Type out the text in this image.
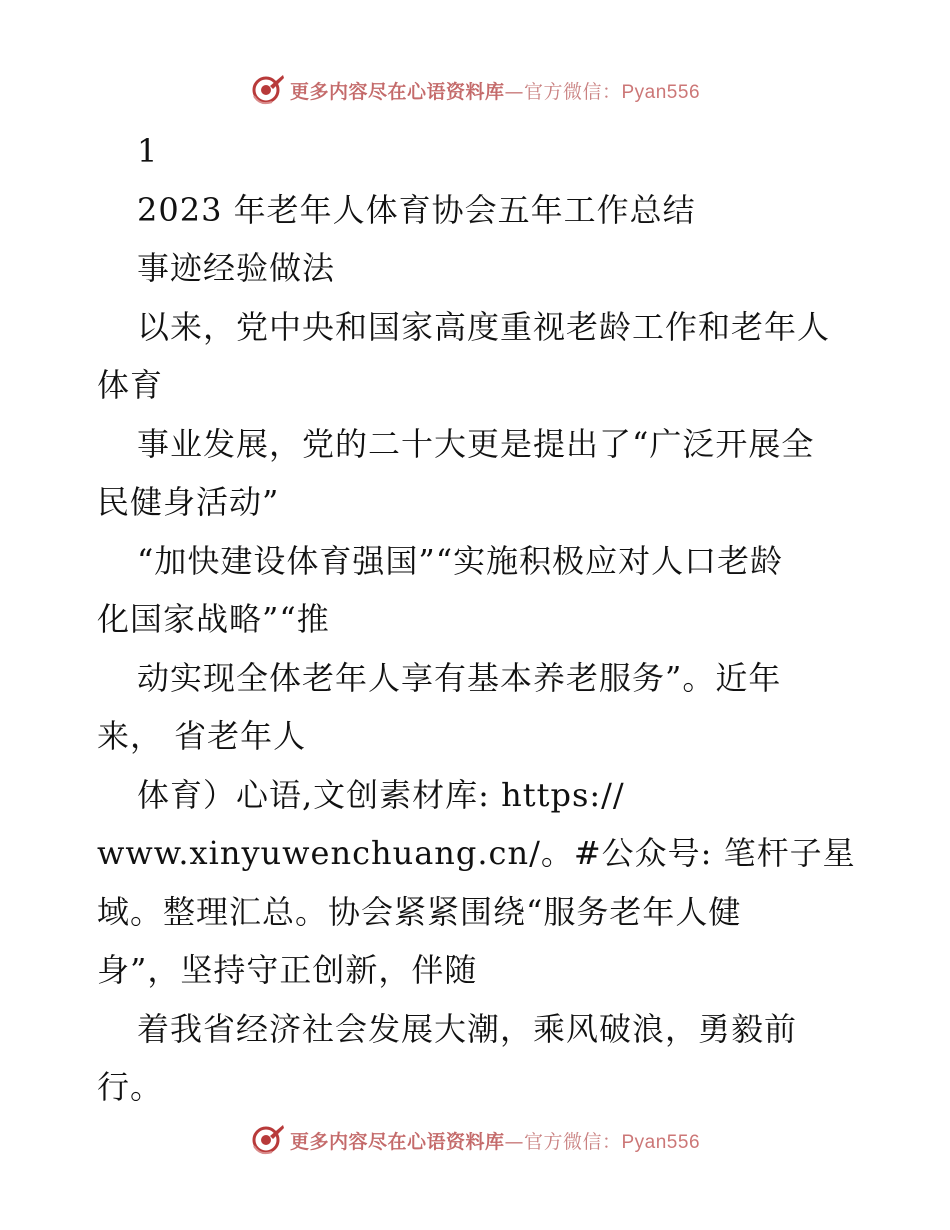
更多内容尽在心语资料库—官方微信：Pyan556
1
2023 年老年人体育协会五年工作总结
事迹经验做法
以来，党中央和国家高度重视老龄工作和老年人
体育
事业发展，党的二十大更是提出了“广泛开展全
民健身活动”
“加快建设体育强国”“实施积极应对人口老龄
化国家战略”“推
动实现全体老年人享有基本养老服务”。近年
来， 省老年人
体育）心语,文创素材库: https://
www.xinyuwenchuang.cn/。#公众号: 笔杆子星
域。整理汇总。协会紧紧围绕“服务老年人健
身”，坚持守正创新，伴随
着我省经济社会发展大潮，乘风破浪，勇毅前
行。
更多内容尽在心语资料库—官方微信：Pyan556
